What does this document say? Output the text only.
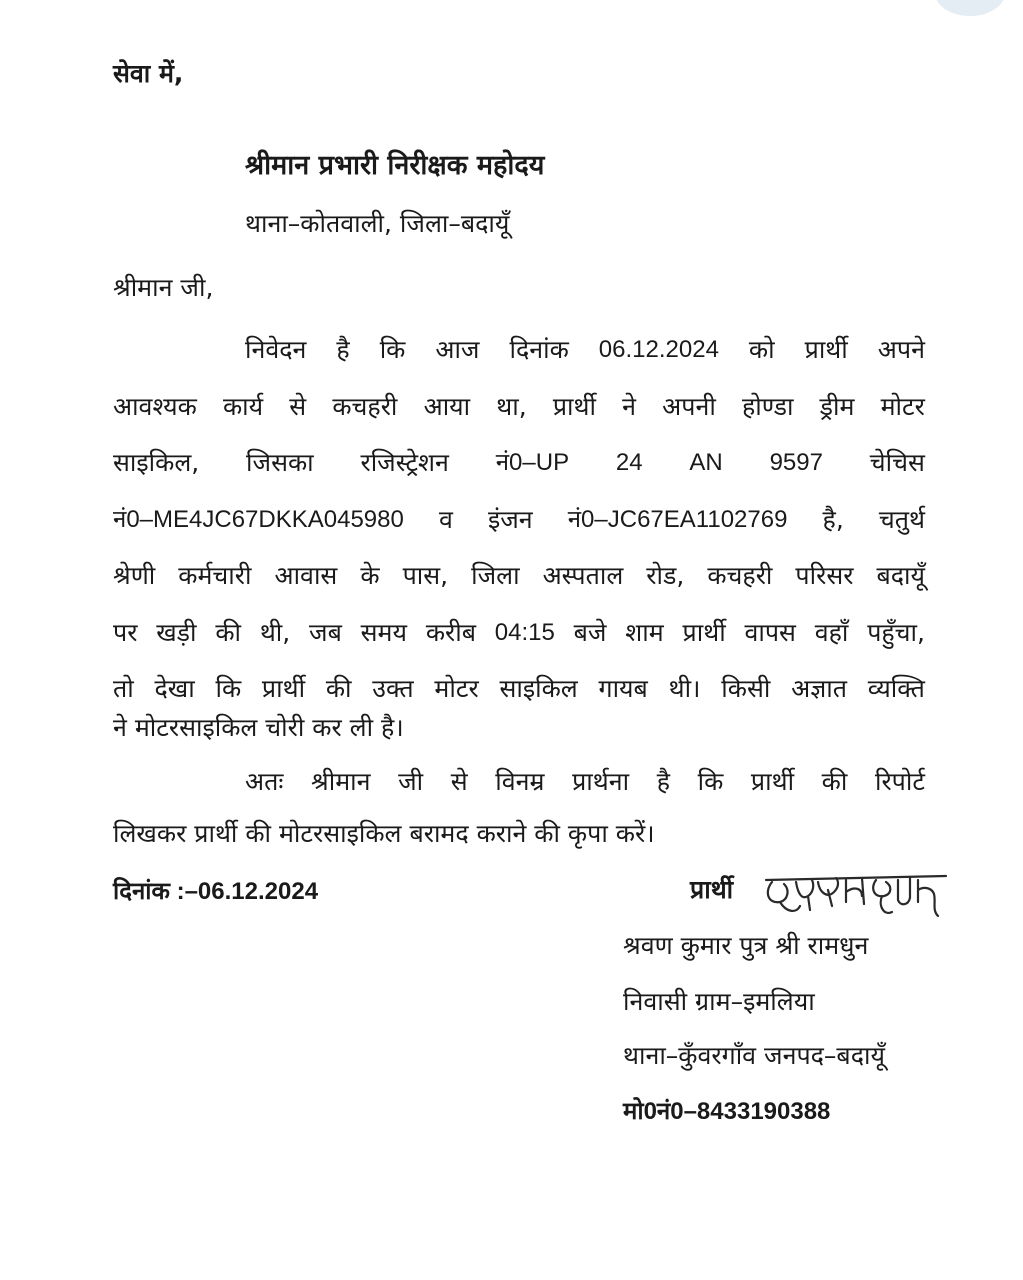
सेवा में,
श्रीमान प्रभारी निरीक्षक महोदय
थाना–कोतवाली, जिला–बदायूँ
श्रीमान जी,
निवेदन है कि आज दिनांक 06.12.2024 को प्रार्थी अपने
आवश्यक कार्य से कचहरी आया था, प्रार्थी ने अपनी होण्डा ड्रीम मोटर
साइकिल, जिसका रजिस्ट्रेशन नं0–UP 24 AN 9597 चेचिस
नं0–ME4JC67DKKA045980 व इंजन नं0–JC67EA1102769 है, चतुर्थ
श्रेणी कर्मचारी आवास के पास, जिला अस्पताल रोड, कचहरी परिसर बदायूँ
पर खड़ी की थी, जब समय करीब 04:15 बजे शाम प्रार्थी वापस वहाँ पहुँचा,
तो देखा कि प्रार्थी की उक्त मोटर साइकिल गायब थी। किसी अज्ञात व्यक्ति
ने मोटरसाइकिल चोरी कर ली है।
अतः श्रीमान जी से विनम्र प्रार्थना है कि प्रार्थी की रिपोर्ट
लिखकर प्रार्थी की मोटरसाइकिल बरामद कराने की कृपा करें।
दिनांक :–06.12.2024	प्रार्थी
श्रवण कुमार पुत्र श्री रामधुन
निवासी ग्राम–इमलिया
थाना–कुँवरगाँव जनपद–बदायूँ
मो0नं0–8433190388
